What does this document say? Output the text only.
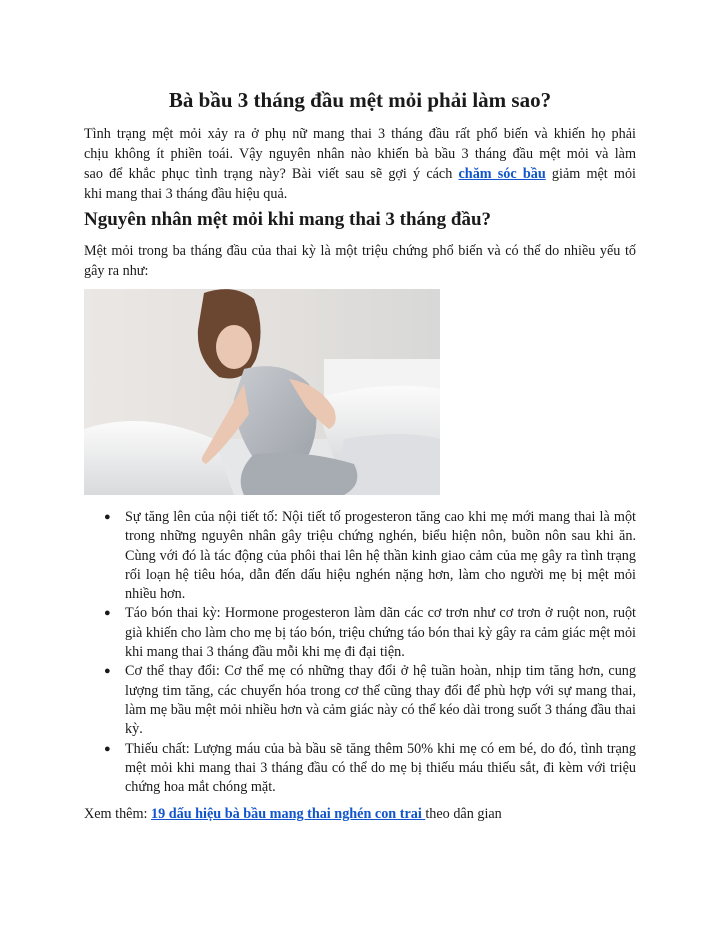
Bà bầu 3 tháng đầu mệt mỏi phải làm sao?

Tình trạng mệt mỏi xảy ra ở phụ nữ mang thai 3 tháng đầu rất phổ biến và khiến họ phải
chịu không ít phiền toái. Vậy nguyên nhân nào khiến bà bầu 3 tháng đầu mệt mỏi và làm
sao để khắc phục tình trạng này? Bài viết sau sẽ gợi ý cách chăm sóc bầu giảm mệt mỏi
khi mang thai 3 tháng đầu hiệu quả.

Nguyên nhân mệt mỏi khi mang thai 3 tháng đầu?

Mệt mỏi trong ba tháng đầu của thai kỳ là một triệu chứng phổ biến và có thể do nhiều yếu tố gây ra như:

● Sự tăng lên của nội tiết tố: Nội tiết tố progesteron tăng cao khi mẹ mới mang thai là một trong những nguyên nhân gây triệu chứng nghén, biểu hiện nôn, buồn nôn sau khi ăn. Cùng với đó là tác động của phôi thai lên hệ thần kinh giao cảm của mẹ gây ra tình trạng rối loạn hệ tiêu hóa, dẫn đến dấu hiệu nghén nặng hơn, làm cho người mẹ bị mệt mỏi nhiều hơn.
● Táo bón thai kỳ: Hormone progesteron làm dãn các cơ trơn như cơ trơn ở ruột non, ruột già khiến cho làm cho mẹ bị táo bón, triệu chứng táo bón thai kỳ gây ra cảm giác mệt mỏi khi mang thai 3 tháng đầu mỗi khi mẹ đi đại tiện.
● Cơ thể thay đổi: Cơ thể mẹ có những thay đổi ở hệ tuần hoàn, nhịp tim tăng hơn, cung lượng tim tăng, các chuyển hóa trong cơ thể cũng thay đổi để phù hợp với sự mang thai, làm mẹ bầu mệt mỏi nhiều hơn và cảm giác này có thể kéo dài trong suốt 3 tháng đầu thai kỳ.
● Thiếu chất: Lượng máu của bà bầu sẽ tăng thêm 50% khi mẹ có em bé, do đó, tình trạng mệt mỏi khi mang thai 3 tháng đầu có thể do mẹ bị thiếu máu thiếu sắt, đi kèm với triệu chứng hoa mắt chóng mặt.

Xem thêm: 19 dấu hiệu bà bầu mang thai nghén con trai theo dân gian
